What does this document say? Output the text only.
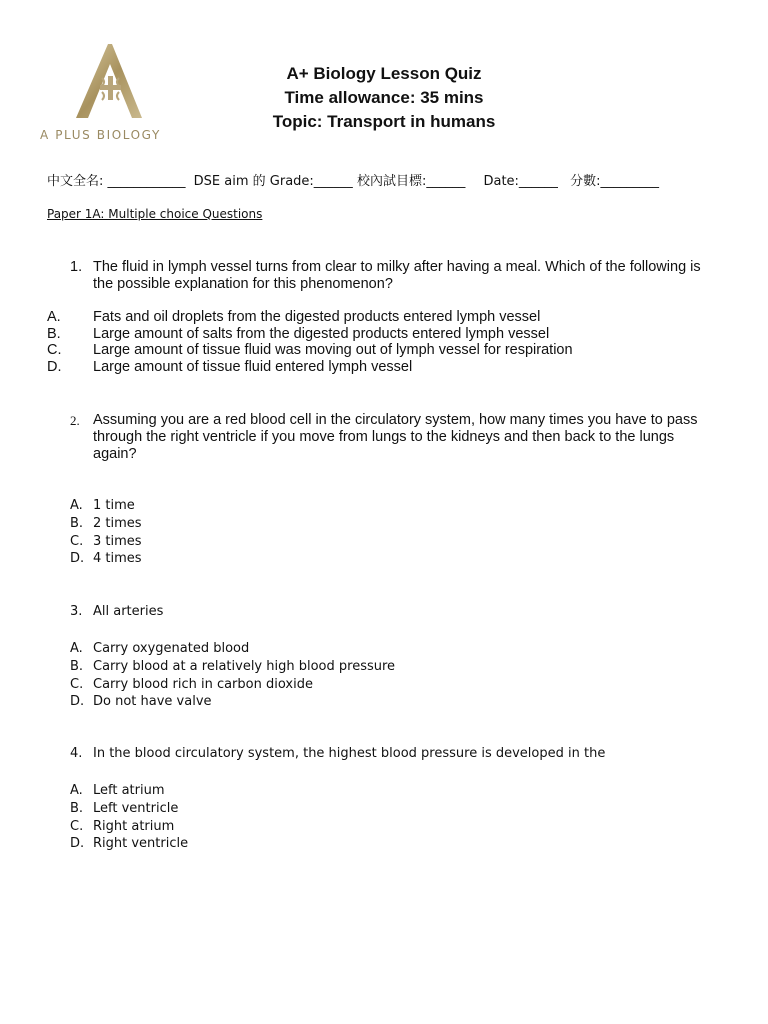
A PLUS BIOLOGY
A+ Biology Lesson Quiz
Time allowance: 35 mins
Topic: Transport in humans
中文全名: ____________ DSE aim 的 Grade:______ 校內試目標:______ Date:______ 分數:_________
Paper 1A: Multiple choice Questions
1. The fluid in lymph vessel turns from clear to milky after having a meal. Which of the following is the possible explanation for this phenomenon?
A. Fats and oil droplets from the digested products entered lymph vessel
B. Large amount of salts from the digested products entered lymph vessel
C. Large amount of tissue fluid was moving out of lymph vessel for respiration
D. Large amount of tissue fluid entered lymph vessel
2. Assuming you are a red blood cell in the circulatory system, how many times you have to pass through the right ventricle if you move from lungs to the kidneys and then back to the lungs again?
A. 1 time
B. 2 times
C. 3 times
D. 4 times
3. All arteries
A. Carry oxygenated blood
B. Carry blood at a relatively high blood pressure
C. Carry blood rich in carbon dioxide
D. Do not have valve
4. In the blood circulatory system, the highest blood pressure is developed in the
A. Left atrium
B. Left ventricle
C. Right atrium
D. Right ventricle
